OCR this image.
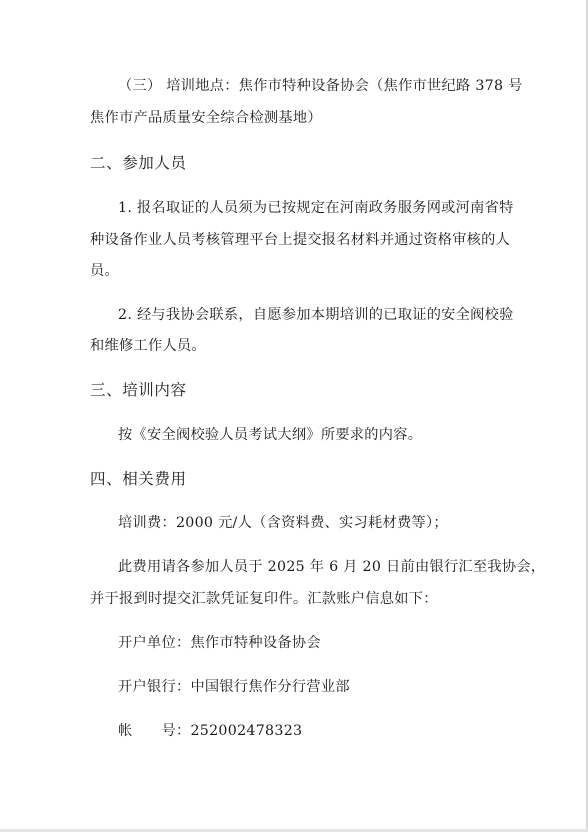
（三） 培训地点：焦作市特种设备协会（焦作市世纪路 378 号
焦作市产品质量安全综合检测基地）
二、参加人员
1. 报名取证的人员须为已按规定在河南政务服务网或河南省特
种设备作业人员考核管理平台上提交报名材料并通过资格审核的人
员。
2. 经与我协会联系，自愿参加本期培训的已取证的安全阀校验
和维修工作人员。
三、培训内容
按《安全阀校验人员考试大纲》所要求的内容。
四、相关费用
培训费：2000 元/人（含资料费、实习耗材费等）；
此费用请各参加人员于 2025 年 6 月 20 日前由银行汇至我协会，
并于报到时提交汇款凭证复印件。汇款账户信息如下：
开户单位：焦作市特种设备协会
开户银行：中国银行焦作分行营业部
帐　　号：252002478323
